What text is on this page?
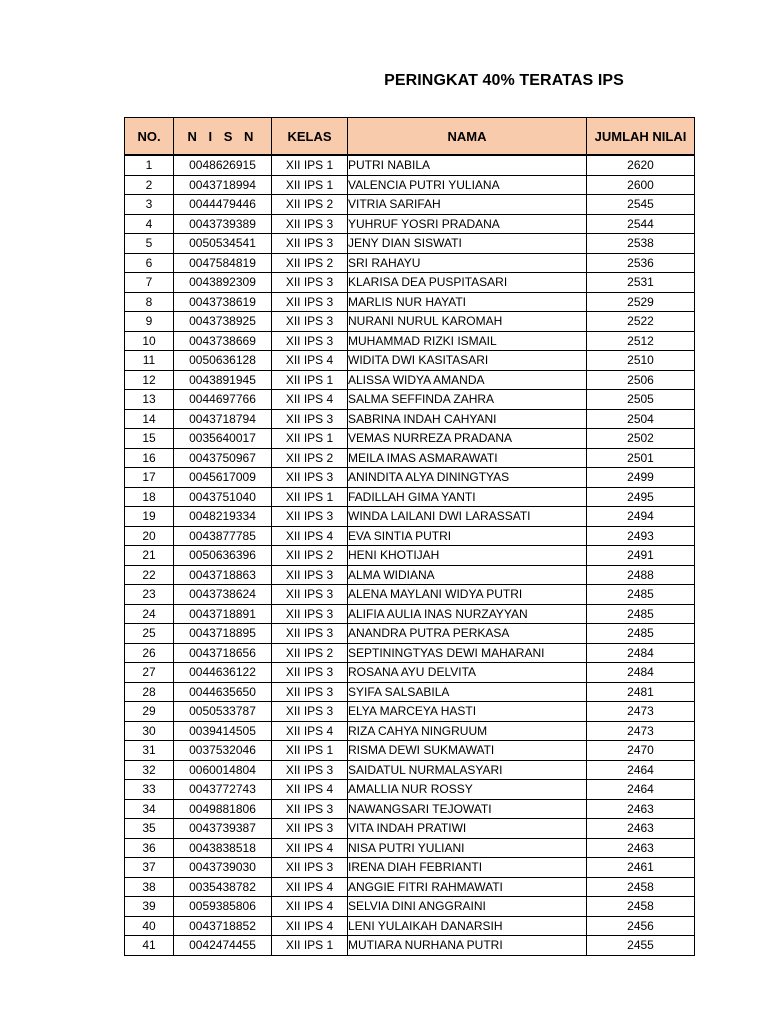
PERINGKAT 40% TERATAS IPS
NO.	N I S N	KELAS	NAMA	JUMLAH NILAI
1	0048626915	XII IPS 1	PUTRI NABILA	2620
2	0043718994	XII IPS 1	VALENCIA PUTRI YULIANA	2600
3	0044479446	XII IPS 2	VITRIA SARIFAH	2545
4	0043739389	XII IPS 3	YUHRUF YOSRI PRADANA	2544
5	0050534541	XII IPS 3	JENY DIAN SISWATI	2538
6	0047584819	XII IPS 2	SRI RAHAYU	2536
7	0043892309	XII IPS 3	KLARISA DEA PUSPITASARI	2531
8	0043738619	XII IPS 3	MARLIS NUR HAYATI	2529
9	0043738925	XII IPS 3	NURANI NURUL KAROMAH	2522
10	0043738669	XII IPS 3	MUHAMMAD RIZKI ISMAIL	2512
11	0050636128	XII IPS 4	WIDITA DWI KASITASARI	2510
12	0043891945	XII IPS 1	ALISSA WIDYA AMANDA	2506
13	0044697766	XII IPS 4	SALMA SEFFINDA ZAHRA	2505
14	0043718794	XII IPS 3	SABRINA INDAH CAHYANI	2504
15	0035640017	XII IPS 1	VEMAS NURREZA PRADANA	2502
16	0043750967	XII IPS 2	MEILA IMAS ASMARAWATI	2501
17	0045617009	XII IPS 3	ANINDITA ALYA DININGTYAS	2499
18	0043751040	XII IPS 1	FADILLAH GIMA YANTI	2495
19	0048219334	XII IPS 3	WINDA LAILANI DWI LARASSATI	2494
20	0043877785	XII IPS 4	EVA SINTIA PUTRI	2493
21	0050636396	XII IPS 2	HENI KHOTIJAH	2491
22	0043718863	XII IPS 3	ALMA WIDIANA	2488
23	0043738624	XII IPS 3	ALENA MAYLANI WIDYA PUTRI	2485
24	0043718891	XII IPS 3	ALIFIA AULIA INAS NURZAYYAN	2485
25	0043718895	XII IPS 3	ANANDRA PUTRA PERKASA	2485
26	0043718656	XII IPS 2	SEPTININGTYAS DEWI MAHARANI	2484
27	0044636122	XII IPS 3	ROSANA AYU DELVITA	2484
28	0044635650	XII IPS 3	SYIFA SALSABILA	2481
29	0050533787	XII IPS 3	ELYA MARCEYA HASTI	2473
30	0039414505	XII IPS 4	RIZA CAHYA NINGRUUM	2473
31	0037532046	XII IPS 1	RISMA DEWI SUKMAWATI	2470
32	0060014804	XII IPS 3	SAIDATUL NURMALASYARI	2464
33	0043772743	XII IPS 4	AMALLIA NUR ROSSY	2464
34	0049881806	XII IPS 3	NAWANGSARI TEJOWATI	2463
35	0043739387	XII IPS 3	VITA INDAH PRATIWI	2463
36	0043838518	XII IPS 4	NISA PUTRI YULIANI	2463
37	0043739030	XII IPS 3	IRENA DIAH FEBRIANTI	2461
38	0035438782	XII IPS 4	ANGGIE FITRI RAHMAWATI	2458
39	0059385806	XII IPS 4	SELVIA DINI ANGGRAINI	2458
40	0043718852	XII IPS 4	LENI YULAIKAH DANARSIH	2456
41	0042474455	XII IPS 1	MUTIARA NURHANA PUTRI	2455
